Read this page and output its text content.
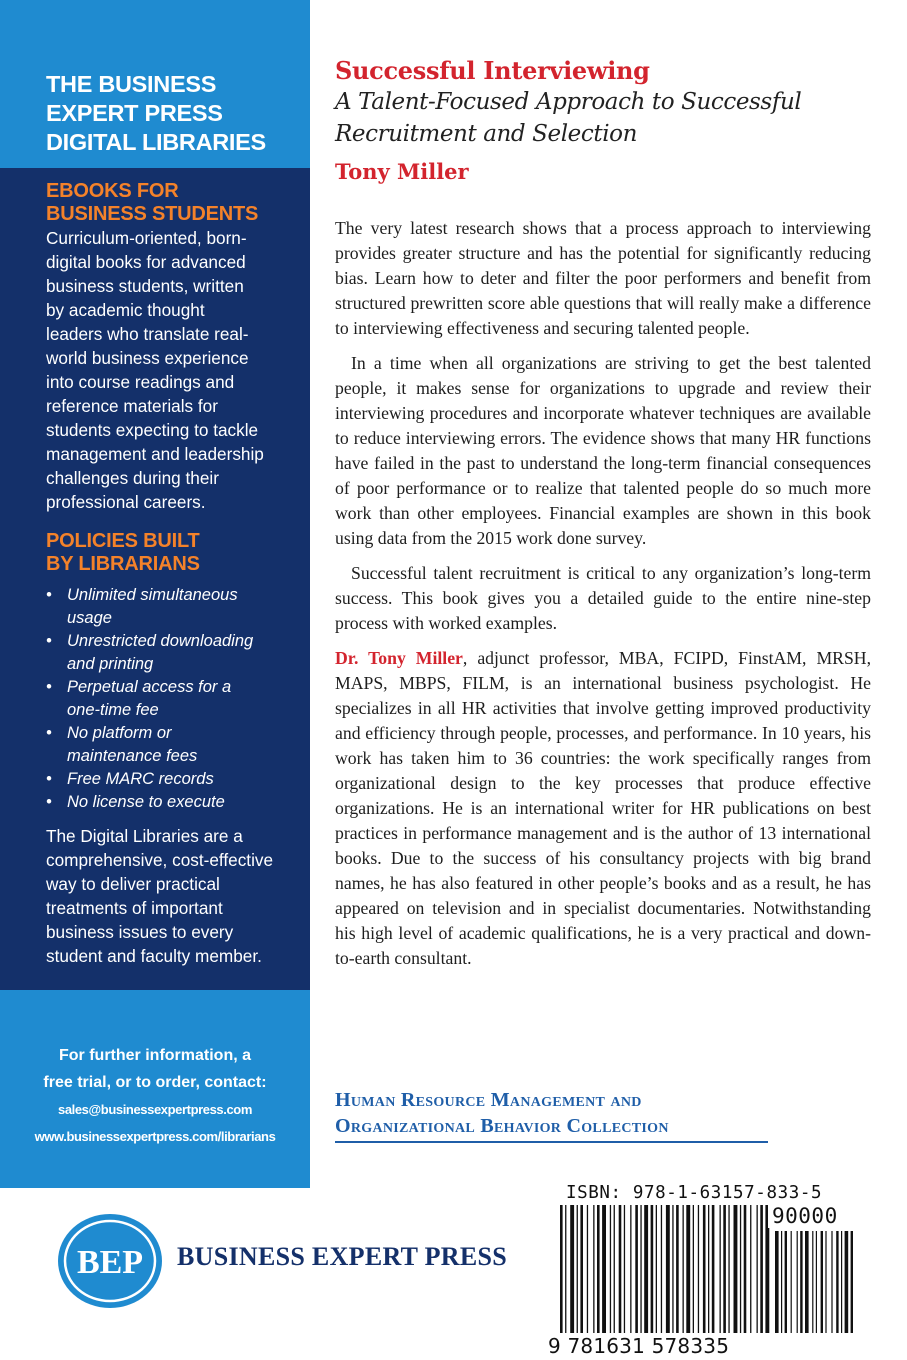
THE BUSINESS
EXPERT PRESS
DIGITAL LIBRARIES
EBOOKS FOR
BUSINESS STUDENTS
Curriculum-oriented, born-
digital books for advanced
business students, written
by academic thought
leaders who translate real-
world business experience
into course readings and
reference materials for
students expecting to tackle
management and leadership
challenges during their
professional careers.
POLICIES BUILT
BY LIBRARIANS
• Unlimited simultaneous
usage
• Unrestricted downloading
and printing
• Perpetual access for a
one-time fee
• No platform or
maintenance fees
• Free MARC records
• No license to execute
The Digital Libraries are a
comprehensive, cost-effective
way to deliver practical
treatments of important
business issues to every
student and faculty member.
For further information, a
free trial, or to order, contact:
sales@businessexpertpress.com
www.businessexpertpress.com/librarians
Successful Interviewing
A Talent-Focused Approach to Successful
Recruitment and Selection
Tony Miller

The very latest research shows that a process approach to interviewing provides greater structure and has the potential for significantly reducing bias. Learn how to deter and filter the poor performers and benefit from structured prewritten score able questions that will really make a difference to interviewing effectiveness and securing talented people.

In a time when all organizations are striving to get the best talented people, it makes sense for organizations to upgrade and review their interviewing procedures and incorporate whatever techniques are available to reduce interviewing errors. The evidence shows that many HR functions have failed in the past to understand the long-term financial consequences of poor performance or to realize that talented people do so much more work than other employees. Financial examples are shown in this book using data from the 2015 work done survey.

Successful talent recruitment is critical to any organization’s long-term success. This book gives you a detailed guide to the entire nine-step process with worked examples.

Dr. Tony Miller, adjunct professor, MBA, FCIPD, FinstAM, MRSH, MAPS, MBPS, FILM, is an international business psychologist. He specializes in all HR activities that involve getting improved productivity and efficiency through people, processes, and performance. In 10 years, his work has taken him to 36 countries: the work specifically ranges from organizational design to the key processes that produce effective organizations. He is an international writer for HR publications on best practices in performance management and is the author of 13 international books. Due to the success of his consultancy projects with big brand names, he has also featured in other people’s books and as a result, he has appeared on television and in specialist documentaries. Notwithstanding his high level of academic qualifications, he is a very practical and down-to-earth consultant.

Human Resource Management and
Organizational Behavior Collection
BEP BUSINESS EXPERT PRESS
ISBN: 978-1-63157-833-5
90000
9 781631 578335
